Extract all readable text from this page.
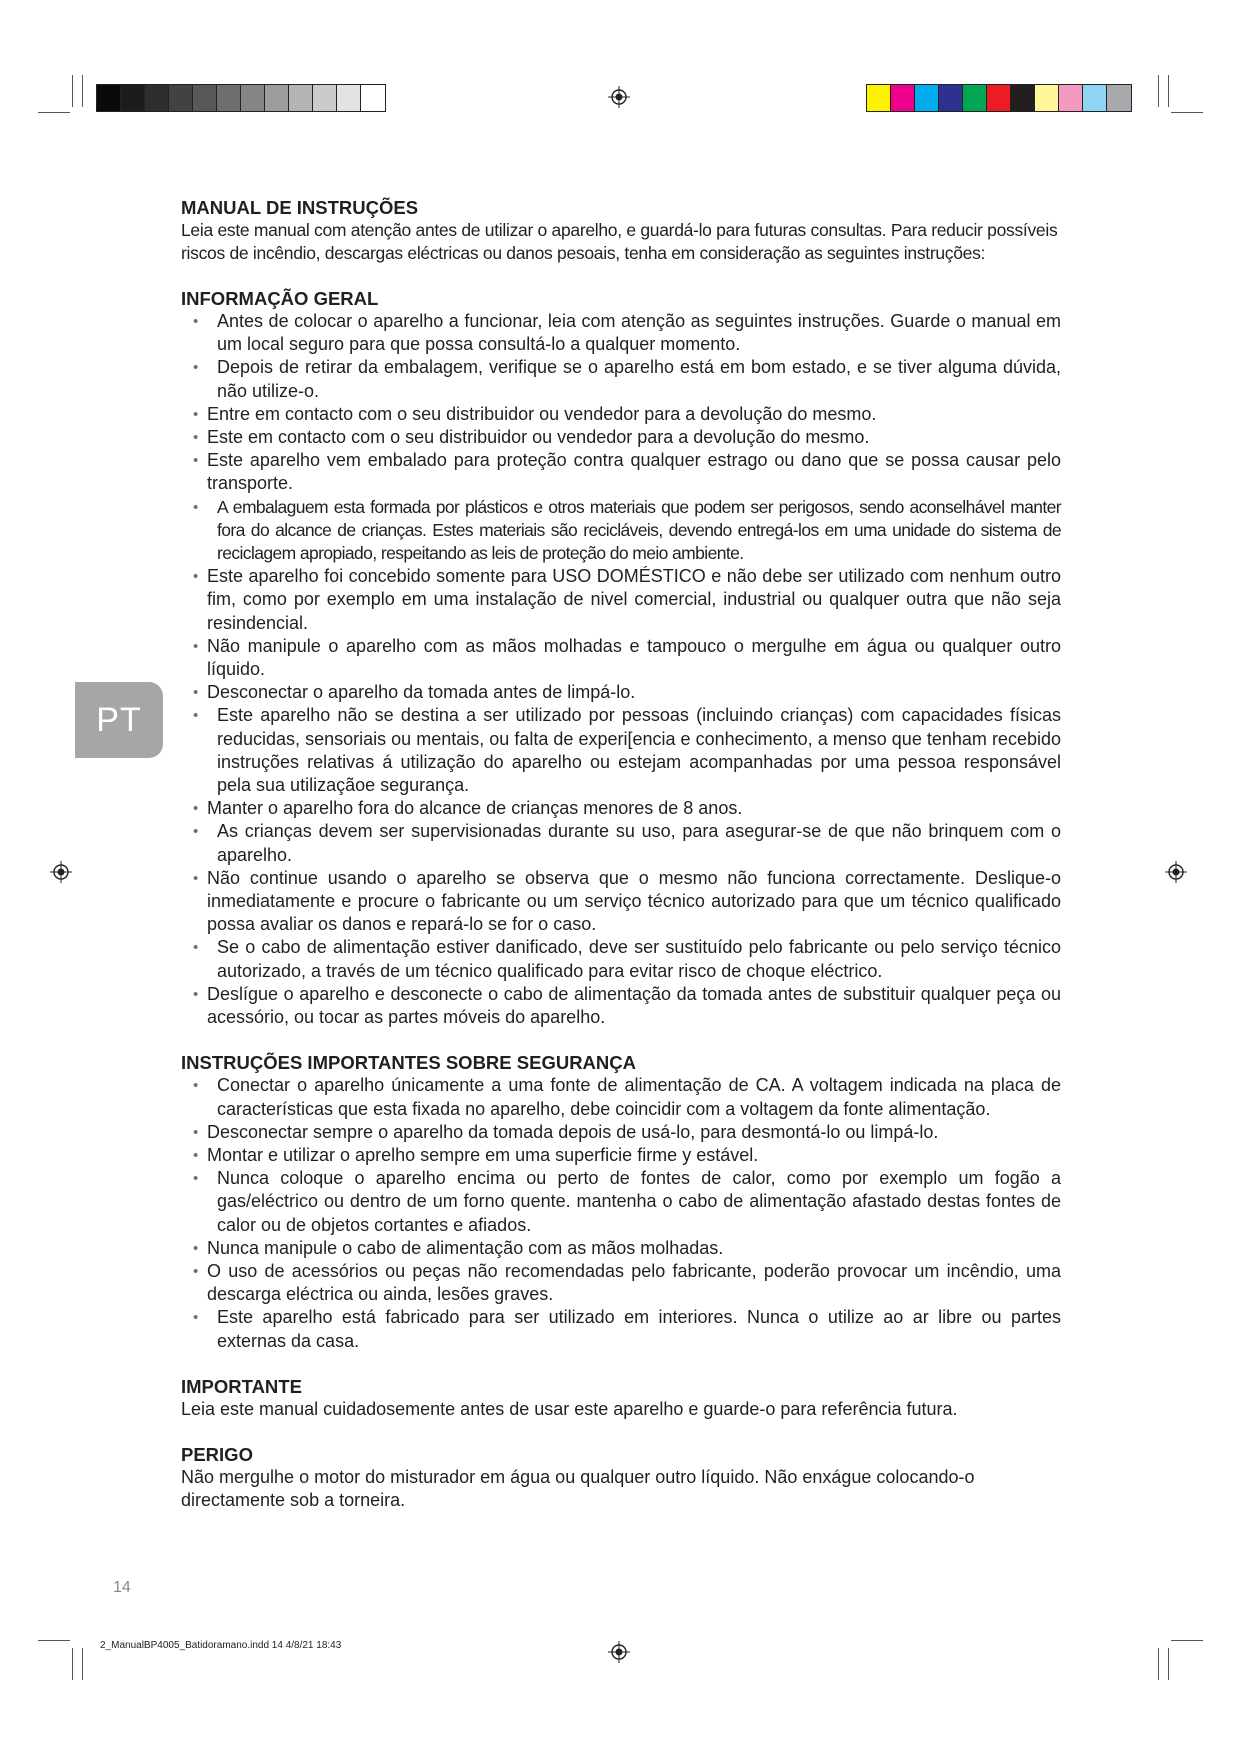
PT
MANUAL DE INSTRUÇÕES

Leia este manual com atenção antes de utilizar o aparelho, e guardá-lo para futuras consultas. Para reducir possíveis riscos de incêndio, descargas eléctricas ou danos pesoais, tenha em consideração as seguintes instruções:

INFORMAÇÃO GERAL
• Antes de colocar o aparelho a funcionar, leia com atenção as seguintes instruções. Guarde o manual em um local seguro para que possa consultá-lo a qualquer momento.
• Depois de retirar da embalagem, verifique se o aparelho está em bom estado, e se tiver alguma dúvida, não utilize-o.
• Entre em contacto com o seu distribuidor ou vendedor para a devolução do mesmo.
• Este em contacto com o seu distribuidor ou vendedor para a devolução do mesmo.
• Este aparelho vem embalado para proteção contra qualquer estrago ou dano que se possa causar pelo transporte.
• A embalaguem esta formada por plásticos e otros materiais que podem ser perigosos, sendo aconselhável manter fora do alcance de crianças. Estes materiais são recicláveis, devendo entregá-los em uma unidade do sistema de reciclagem apropiado, respeitando as leis de proteção do meio ambiente.
• Este aparelho foi concebido somente para USO DOMÉSTICO e não debe ser utilizado com nenhum outro fim, como por exemplo em uma instalação de nivel comercial, industrial ou qualquer outra que não seja resindencial.
• Não manipule o aparelho com as mãos molhadas e tampouco o mergulhe em água ou qualquer outro líquido.
• Desconectar o aparelho da tomada antes de limpá-lo.
• Este aparelho não se destina a ser utilizado por pessoas (incluindo crianças) com capacidades físicas reducidas, sensoriais ou mentais, ou falta de experi[encia e conhecimento, a menso que tenham recebido instruções relativas á utilização do aparelho ou estejam acompanhadas por uma pessoa responsável pela sua utilizaçãoe segurança.
• Manter o aparelho fora do alcance de crianças menores de 8 anos.
• As crianças devem ser supervisionadas durante su uso, para asegurar-se de que não brinquem com o aparelho.
• Não continue usando o aparelho se observa que o mesmo não funciona correctamente. Deslique-o inmediatamente e procure o fabricante ou um serviço técnico autorizado para que um técnico qualificado possa avaliar os danos e repará-lo se for o caso.
• Se o cabo de alimentação estiver danificado, deve ser sustituído pelo fabricante ou pelo serviço técnico autorizado, a través de um técnico qualificado para evitar risco de choque eléctrico.
• Deslígue o aparelho e desconecte o cabo de alimentação da tomada antes de substituir qualquer peça ou acessório, ou tocar as partes móveis do aparelho.
INSTRUÇÕES IMPORTANTES SOBRE SEGURANÇA
• Conectar o aparelho únicamente a uma fonte de alimentação de CA. A voltagem indicada na placa de características que esta fixada no aparelho, debe coincidir com a voltagem da fonte alimentação.
• Desconectar sempre o aparelho da tomada depois de usá-lo, para desmontá-lo ou limpá-lo.
• Montar e utilizar o aprelho sempre em uma superficie firme y estável.
• Nunca coloque o aparelho encima ou perto de fontes de calor, como por exemplo um fogão a gas/eléctrico ou dentro de um forno quente. mantenha o cabo de alimentação afastado destas fontes de calor ou de objetos cortantes e afiados.
• Nunca manipule o cabo de alimentação com as mãos molhadas.
• O uso de acessórios ou peças não recomendadas pelo fabricante, poderão provocar um incêndio, uma descarga eléctrica ou ainda, lesões graves.
• Este aparelho está fabricado para ser utilizado em interiores. Nunca o utilize ao ar libre ou partes externas da casa.
IMPORTANTE

Leia este manual cuidadosemente antes de usar este aparelho e guarde-o para referência futura.

PERIGO

Não mergulhe o motor do misturador em água ou qualquer outro líquido. Não enxágue colocando-o directamente sob a torneira.

14
2_ManualBP4005_Batidoramano.indd 14 4/8/21 18:43
